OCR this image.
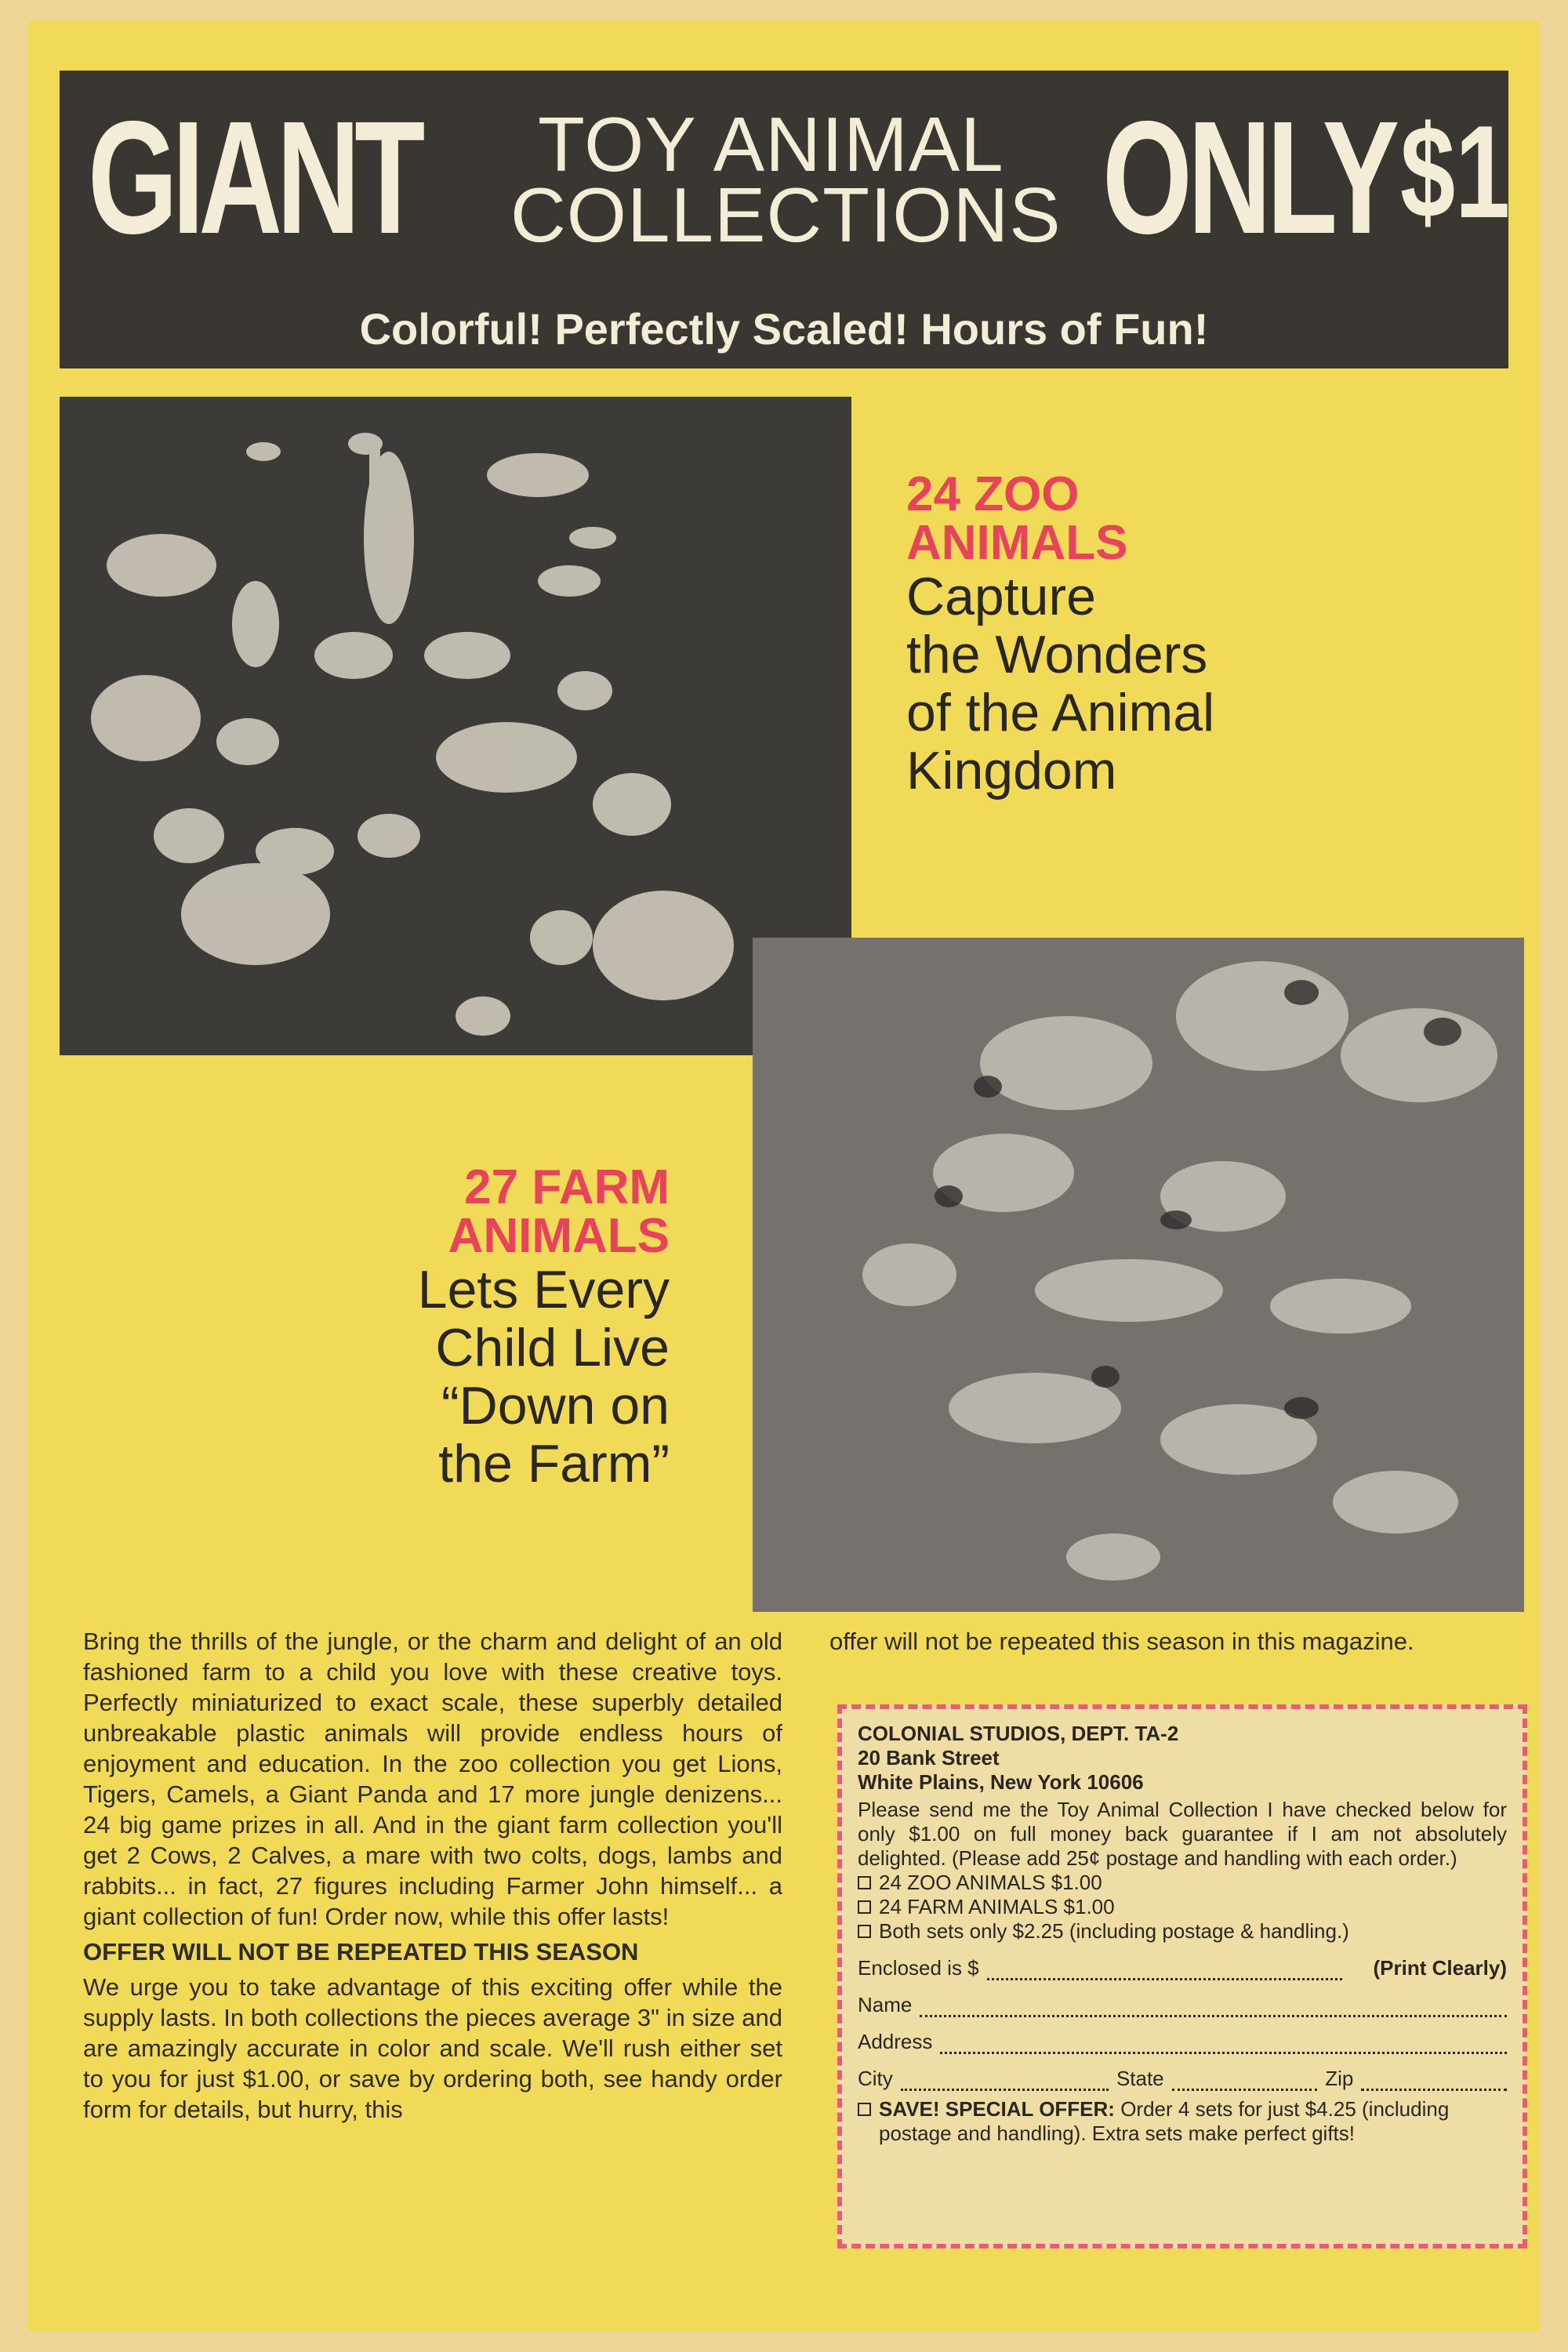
GIANT TOY ANIMAL
COLLECTIONS ONLY $1
Colorful! Perfectly Scaled! Hours of Fun!
24 ZOO
ANIMALS
Capture
the Wonders
of the Animal
Kingdom
27 FARM
ANIMALS
Lets Every
Child Live
“Down on
the Farm”

Bring the thrills of the jungle, or the charm and delight of an old fashioned farm to a child you love with these creative toys. Perfectly miniaturized to exact scale, these superbly detailed unbreakable plastic animals will provide endless hours of enjoyment and education. In the zoo collection you get Lions, Tigers, Camels, a Giant Panda and 17 more jungle denizens... 24 big game prizes in all. And in the giant farm collection you'll get 2 Cows, 2 Calves, a mare with two colts, dogs, lambs and rabbits... in fact, 27 figures including Farmer John himself... a giant collection of fun! Order now, while this offer lasts!

OFFER WILL NOT BE REPEATED THIS SEASON

We urge you to take advantage of this exciting offer while the supply lasts. In both collections the pieces average 3" in size and are amazingly accurate in color and scale. We'll rush either set to you for just $1.00, or save by ordering both, see handy order form for details, but hurry, this

offer will not be repeated this season in this magazine.

COLONIAL STUDIOS, DEPT. TA-2
20 Bank Street
White Plains, New York 10606
Please send me the Toy Animal Collection I have checked below for only $1.00 on full money back guarantee if I am not absolutely delighted. (Please add 25¢ postage and handling with each order.)
24 ZOO ANIMALS $1.00
24 FARM ANIMALS $1.00
Both sets only $2.25 (including postage & handling.)
Enclosed is $	(Print Clearly)
Name
Address
City	State	Zip
SAVE! SPECIAL OFFER: Order 4 sets for just $4.25 (including postage and handling). Extra sets make perfect gifts!
